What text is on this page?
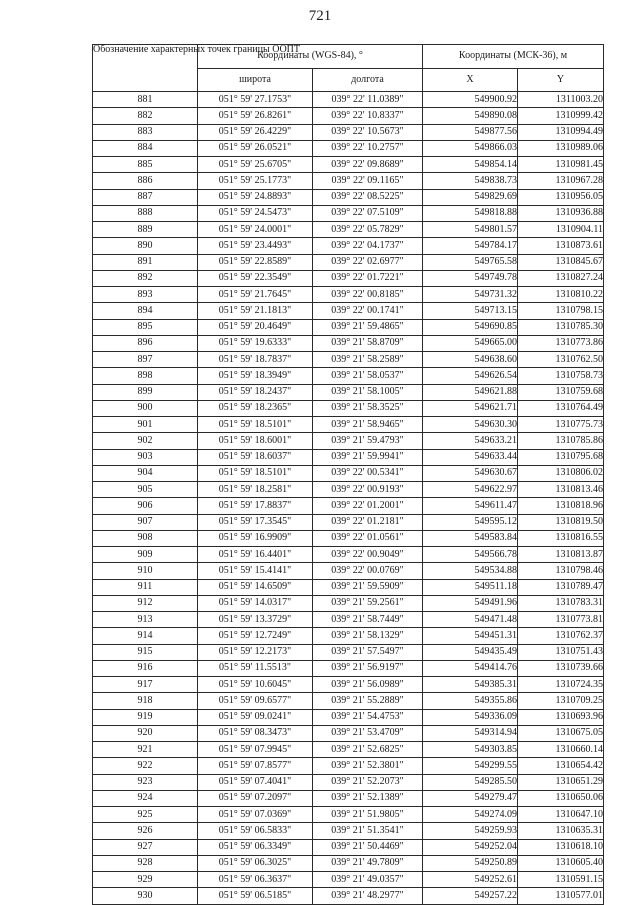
721
Обозначение характерных точек границы ООПТ	Координаты (WGS-84), °		Координаты (МСК-36), м	
	широта	долгота	X	Y
881	051° 59' 27.1753"	039° 22' 11.0389"	549900.92	1311003.20
882	051° 59' 26.8261"	039° 22' 10.8337"	549890.08	1310999.42
883	051° 59' 26.4229"	039° 22' 10.5673"	549877.56	1310994.49
884	051° 59' 26.0521"	039° 22' 10.2757"	549866.03	1310989.06
885	051° 59' 25.6705"	039° 22' 09.8689"	549854.14	1310981.45
886	051° 59' 25.1773"	039° 22' 09.1165"	549838.73	1310967.28
887	051° 59' 24.8893"	039° 22' 08.5225"	549829.69	1310956.05
888	051° 59' 24.5473"	039° 22' 07.5109"	549818.88	1310936.88
889	051° 59' 24.0001"	039° 22' 05.7829"	549801.57	1310904.11
890	051° 59' 23.4493"	039° 22' 04.1737"	549784.17	1310873.61
891	051° 59' 22.8589"	039° 22' 02.6977"	549765.58	1310845.67
892	051° 59' 22.3549"	039° 22' 01.7221"	549749.78	1310827.24
893	051° 59' 21.7645"	039° 22' 00.8185"	549731.32	1310810.22
894	051° 59' 21.1813"	039° 22' 00.1741"	549713.15	1310798.15
895	051° 59' 20.4649"	039° 21' 59.4865"	549690.85	1310785.30
896	051° 59' 19.6333"	039° 21' 58.8709"	549665.00	1310773.86
897	051° 59' 18.7837"	039° 21' 58.2589"	549638.60	1310762.50
898	051° 59' 18.3949"	039° 21' 58.0537"	549626.54	1310758.73
899	051° 59' 18.2437"	039° 21' 58.1005"	549621.88	1310759.68
900	051° 59' 18.2365"	039° 21' 58.3525"	549621.71	1310764.49
901	051° 59' 18.5101"	039° 21' 58.9465"	549630.30	1310775.73
902	051° 59' 18.6001"	039° 21' 59.4793"	549633.21	1310785.86
903	051° 59' 18.6037"	039° 21' 59.9941"	549633.44	1310795.68
904	051° 59' 18.5101"	039° 22' 00.5341"	549630.67	1310806.02
905	051° 59' 18.2581"	039° 22' 00.9193"	549622.97	1310813.46
906	051° 59' 17.8837"	039° 22' 01.2001"	549611.47	1310818.96
907	051° 59' 17.3545"	039° 22' 01.2181"	549595.12	1310819.50
908	051° 59' 16.9909"	039° 22' 01.0561"	549583.84	1310816.55
909	051° 59' 16.4401"	039° 22' 00.9049"	549566.78	1310813.87
910	051° 59' 15.4141"	039° 22' 00.0769"	549534.88	1310798.46
911	051° 59' 14.6509"	039° 21' 59.5909"	549511.18	1310789.47
912	051° 59' 14.0317"	039° 21' 59.2561"	549491.96	1310783.31
913	051° 59' 13.3729"	039° 21' 58.7449"	549471.48	1310773.81
914	051° 59' 12.7249"	039° 21' 58.1329"	549451.31	1310762.37
915	051° 59' 12.2173"	039° 21' 57.5497"	549435.49	1310751.43
916	051° 59' 11.5513"	039° 21' 56.9197"	549414.76	1310739.66
917	051° 59' 10.6045"	039° 21' 56.0989"	549385.31	1310724.35
918	051° 59' 09.6577"	039° 21' 55.2889"	549355.86	1310709.25
919	051° 59' 09.0241"	039° 21' 54.4753"	549336.09	1310693.96
920	051° 59' 08.3473"	039° 21' 53.4709"	549314.94	1310675.05
921	051° 59' 07.9945"	039° 21' 52.6825"	549303.85	1310660.14
922	051° 59' 07.8577"	039° 21' 52.3801"	549299.55	1310654.42
923	051° 59' 07.4041"	039° 21' 52.2073"	549285.50	1310651.29
924	051° 59' 07.2097"	039° 21' 52.1389"	549279.47	1310650.06
925	051° 59' 07.0369"	039° 21' 51.9805"	549274.09	1310647.10
926	051° 59' 06.5833"	039° 21' 51.3541"	549259.93	1310635.31
927	051° 59' 06.3349"	039° 21' 50.4469"	549252.04	1310618.10
928	051° 59' 06.3025"	039° 21' 49.7809"	549250.89	1310605.40
929	051° 59' 06.3637"	039° 21' 49.0357"	549252.61	1310591.15
930	051° 59' 06.5185"	039° 21' 48.2977"	549257.22	1310577.01
